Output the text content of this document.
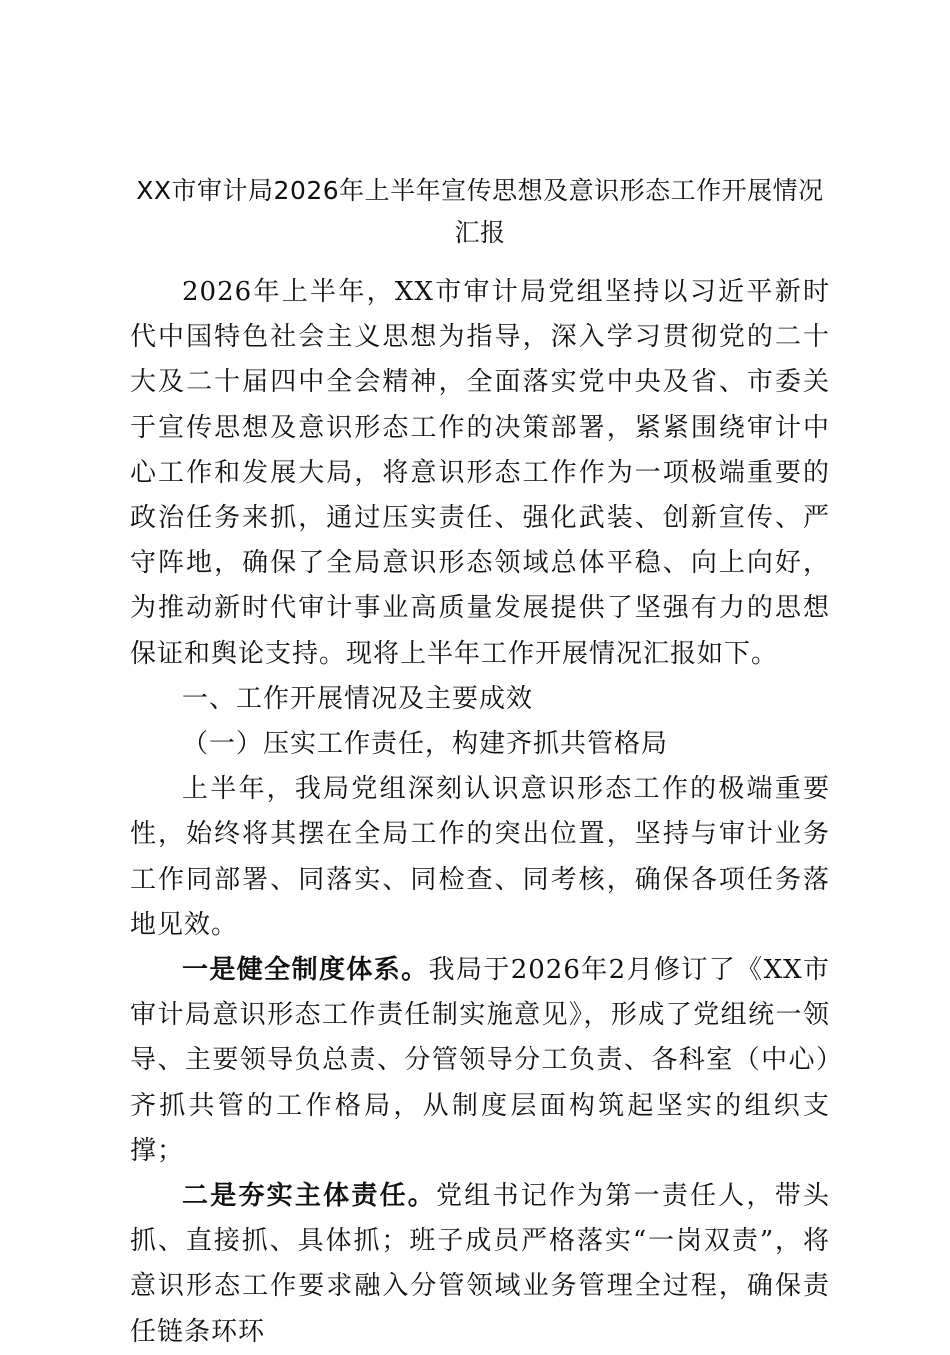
XX市审计局2026年上半年宣传思想及意识形态工作开展情况汇报

2026年上半年，XX市审计局党组坚持以习近平新时代中国特色社会主义思想为指导，深入学习贯彻党的二十大及二十届四中全会精神，全面落实党中央及省、市委关于宣传思想及意识形态工作的决策部署，紧紧围绕审计中心工作和发展大局，将意识形态工作作为一项极端重要的政治任务来抓，通过压实责任、强化武装、创新宣传、严守阵地，确保了全局意识形态领域总体平稳、向上向好，为推动新时代审计事业高质量发展提供了坚强有力的思想保证和舆论支持。现将上半年工作开展情况汇报如下。

一、工作开展情况及主要成效

（一）压实工作责任，构建齐抓共管格局

上半年，我局党组深刻认识意识形态工作的极端重要性，始终将其摆在全局工作的突出位置，坚持与审计业务工作同部署、同落实、同检查、同考核，确保各项任务落地见效。

一是健全制度体系。我局于2026年2月修订了《XX市审计局意识形态工作责任制实施意见》，形成了党组统一领导、主要领导负总责、分管领导分工负责、各科室（中心）齐抓共管的工作格局，从制度层面构筑起坚实的组织支撑；

二是夯实主体责任。党组书记作为第一责任人，带头抓、直接抓、具体抓；班子成员严格落实“一岗双责”，将意识形态工作要求融入分管领域业务管理全过程，确保责任链条环环
